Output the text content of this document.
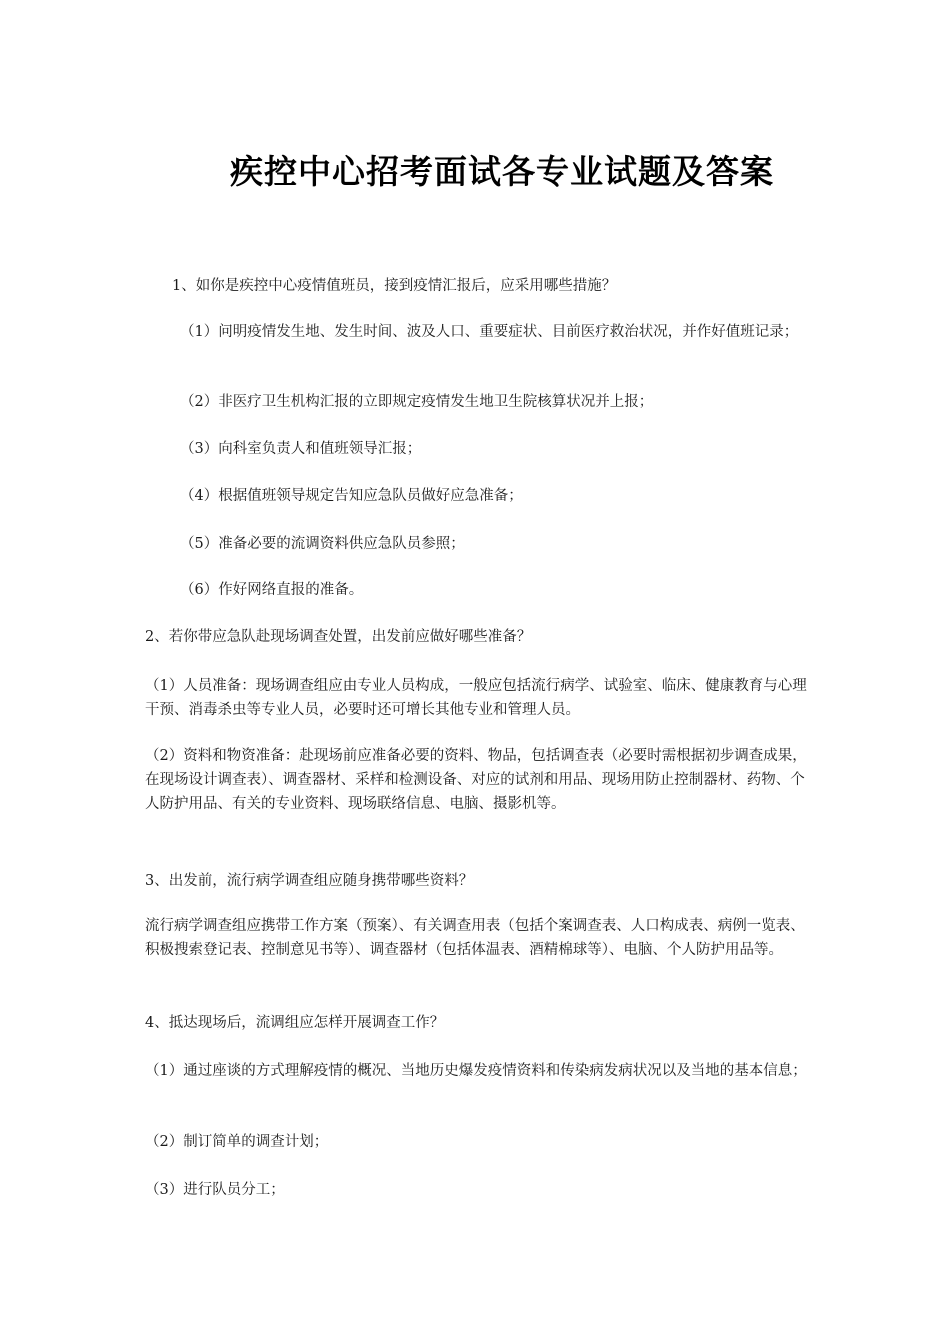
疾控中心招考面试各专业试题及答案

1、如你是疾控中心疫情值班员，接到疫情汇报后，应采用哪些措施？

（1）问明疫情发生地、发生时间、波及人口、重要症状、目前医疗救治状况，并作好值班记录；

（2）非医疗卫生机构汇报的立即规定疫情发生地卫生院核算状况并上报；

（3）向科室负责人和值班领导汇报；

（4）根据值班领导规定告知应急队员做好应急准备；

（5）准备必要的流调资料供应急队员参照；

（6）作好网络直报的准备。

2、若你带应急队赴现场调查处置，出发前应做好哪些准备？

（1）人员准备：现场调查组应由专业人员构成，一般应包括流行病学、试验室、临床、健康教育与心理干预、消毒杀虫等专业人员，必要时还可增长其他专业和管理人员。

（2）资料和物资准备：赴现场前应准备必要的资料、物品，包括调查表（必要时需根据初步调查成果，在现场设计调查表）、调查器材、采样和检测设备、对应的试剂和用品、现场用防止控制器材、药物、个人防护用品、有关的专业资料、现场联络信息、电脑、摄影机等。

3、出发前，流行病学调查组应随身携带哪些资料？

流行病学调查组应携带工作方案（预案）、有关调查用表（包括个案调查表、人口构成表、病例一览表、积极搜索登记表、控制意见书等）、调查器材（包括体温表、酒精棉球等）、电脑、个人防护用品等。

4、抵达现场后，流调组应怎样开展调查工作？

（1）通过座谈的方式理解疫情的概况、当地历史爆发疫情资料和传染病发病状况以及当地的基本信息；

（2）制订简单的调查计划；

（3）进行队员分工；
